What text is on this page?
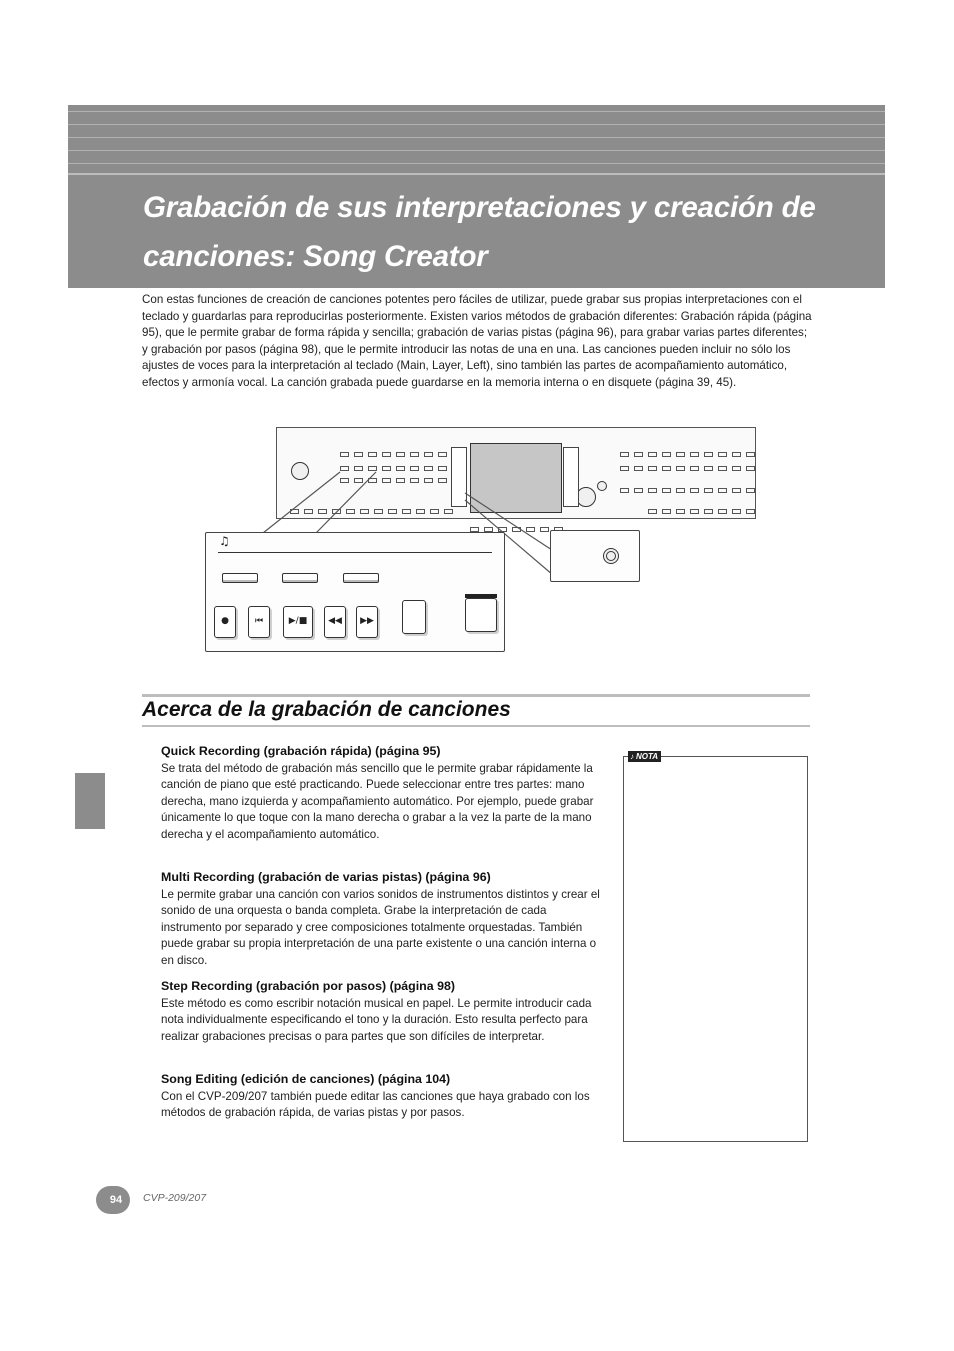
Grabación de sus interpretaciones y creación de
canciones: Song Creator

Con estas funciones de creación de canciones potentes pero fáciles de utilizar, puede grabar sus propias interpretaciones con el teclado y guardarlas para reproducirlas posteriormente. Existen varios métodos de grabación diferentes: Grabación rápida (página 95), que le permite grabar de forma rápida y sencilla; grabación de varias pistas (página 96), para grabar varias partes diferentes; y grabación por pasos (página 98), que le permite introducir las notas de una en una. Las canciones pueden incluir no sólo los ajustes de voces para la interpretación al teclado (Main, Layer, Left), sino también las partes de acompañamiento automático, efectos y armonía vocal. La canción grabada puede guardarse en la memoria interna o en disquete (página 39, 45).

♫
●	⏮	▶/■	◀◀	▶▶
Acerca de la grabación de canciones
Quick Recording (grabación rápida) (página 95)

Se trata del método de grabación más sencillo que le permite grabar rápidamente la canción de piano que esté practicando. Puede seleccionar entre tres partes: mano derecha, mano izquierda y acompañamiento automático. Por ejemplo, puede grabar únicamente lo que toque con la mano derecha o grabar a la vez la parte de la mano derecha y el acompañamiento automático.

Multi Recording (grabación de varias pistas) (página 96)

Le permite grabar una canción con varios sonidos de instrumentos distintos y crear el sonido de una orquesta o banda completa. Grabe la interpretación de cada instrumento por separado y cree composiciones totalmente orquestadas. También puede grabar su propia interpretación de una parte existente o una canción interna o en disco.

Step Recording (grabación por pasos) (página 98)

Este método es como escribir notación musical en papel. Le permite introducir cada nota individualmente especificando el tono y la duración. Esto resulta perfecto para realizar grabaciones precisas o para partes que son difíciles de interpretar.

Song Editing (edición de canciones) (página 104)

Con el CVP-209/207 también puede editar las canciones que haya grabado con los métodos de grabación rápida, de varias pistas y por pasos.

♪ NOTA
94	CVP-209/207
